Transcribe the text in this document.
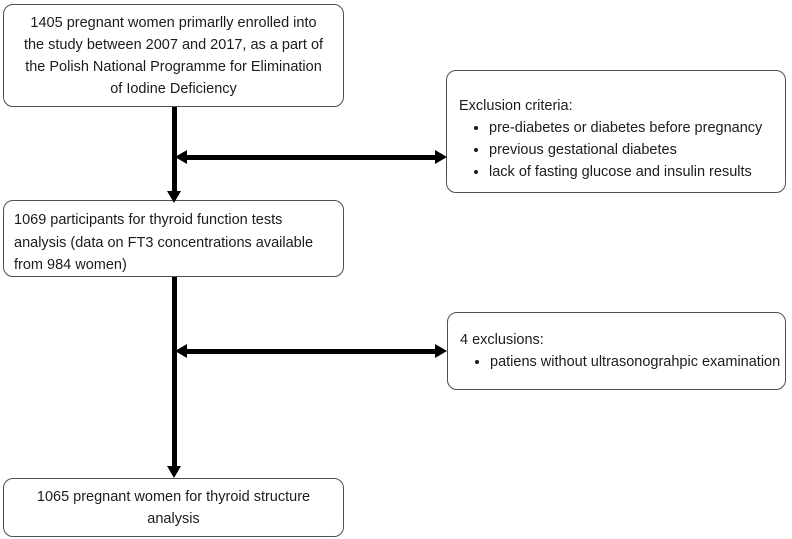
1405 pregnant women primarlly enrolled into
the study between 2007 and 2017, as a part of
the Polish National Programme for Elimination
of Iodine Deficiency
Exclusion criteria:
• pre-diabetes or diabetes before pregnancy
• previous gestational diabetes
• lack of fasting glucose and insulin results
1069 participants for thyroid function tests
analysis (data on FT3 concentrations available
from 984 women)
4 exclusions:
• patiens without ultrasonograhpic examination
1065 pregnant women for thyroid structure
analysis
